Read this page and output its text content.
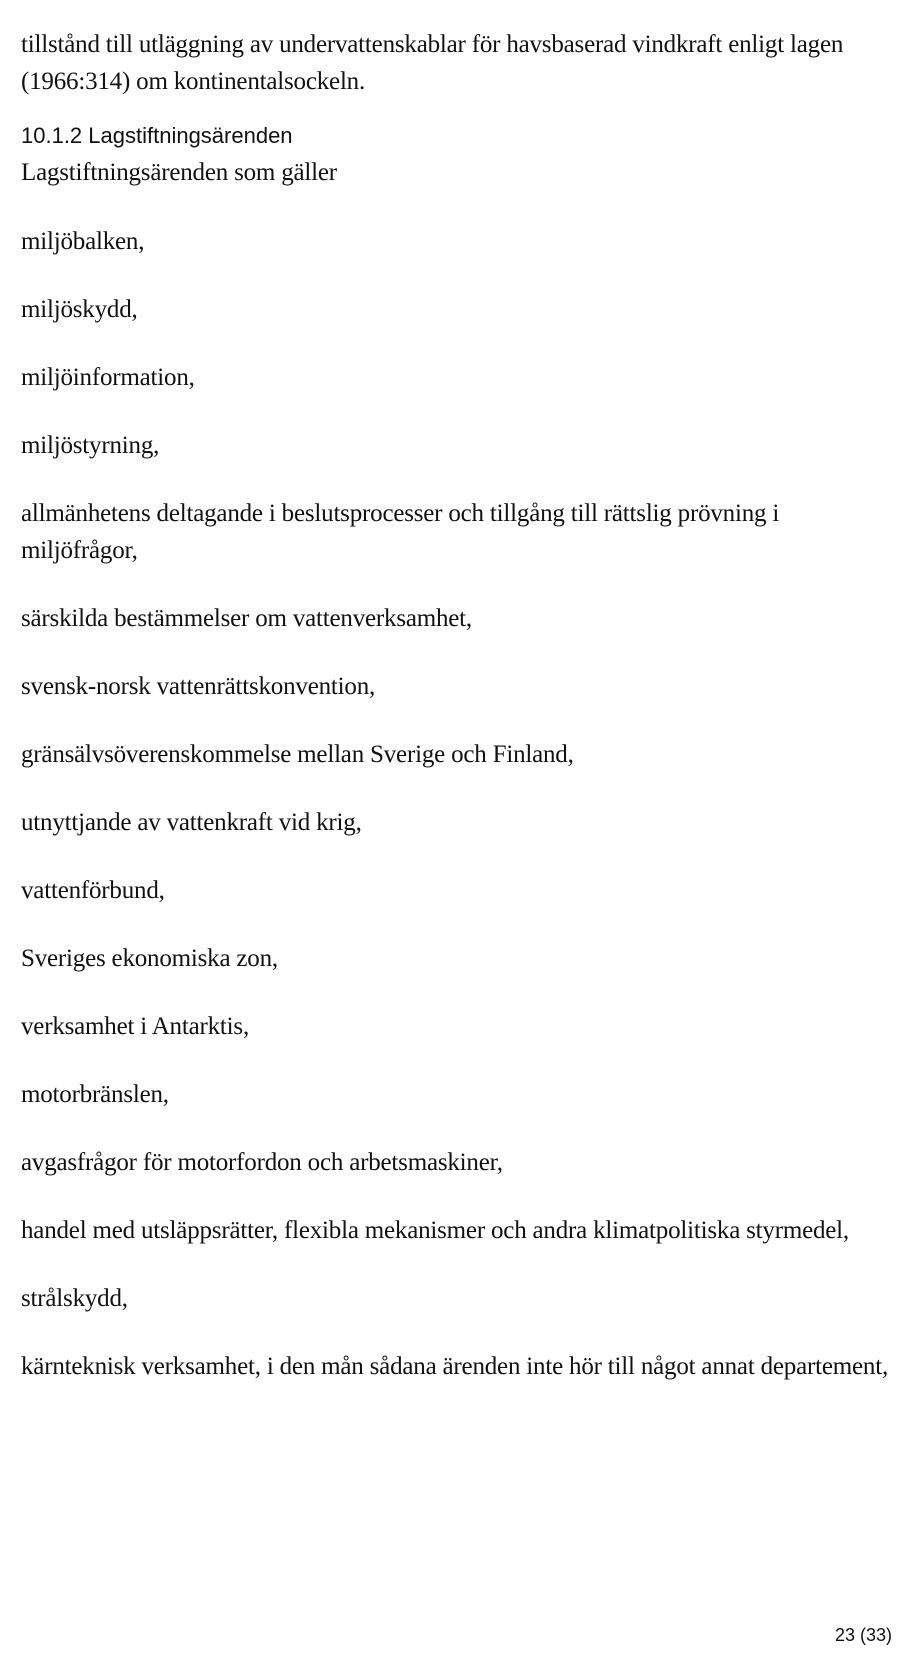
tillstånd till utläggning av undervattenskablar för havsbaserad vindkraft enligt lagen (1966:314) om kontinentalsockeln.

10.1.2 Lagstiftningsärenden

Lagstiftningsärenden som gäller

miljöbalken,
miljöskydd,
miljöinformation,
miljöstyrning,
allmänhetens deltagande i beslutsprocesser och tillgång till rättslig prövning i miljöfrågor,
särskilda bestämmelser om vattenverksamhet,
svensk-norsk vattenrättskonvention,
gränsälvsöverenskommelse mellan Sverige och Finland,
utnyttjande av vattenkraft vid krig,
vattenförbund,
Sveriges ekonomiska zon,
verksamhet i Antarktis,
motorbränslen,
avgasfrågor för motorfordon och arbetsmaskiner,
handel med utsläppsrätter, flexibla mekanismer och andra klimatpolitiska styrmedel,
strålskydd,
kärnteknisk verksamhet, i den mån sådana ärenden inte hör till något annat departement,
23 (33)
